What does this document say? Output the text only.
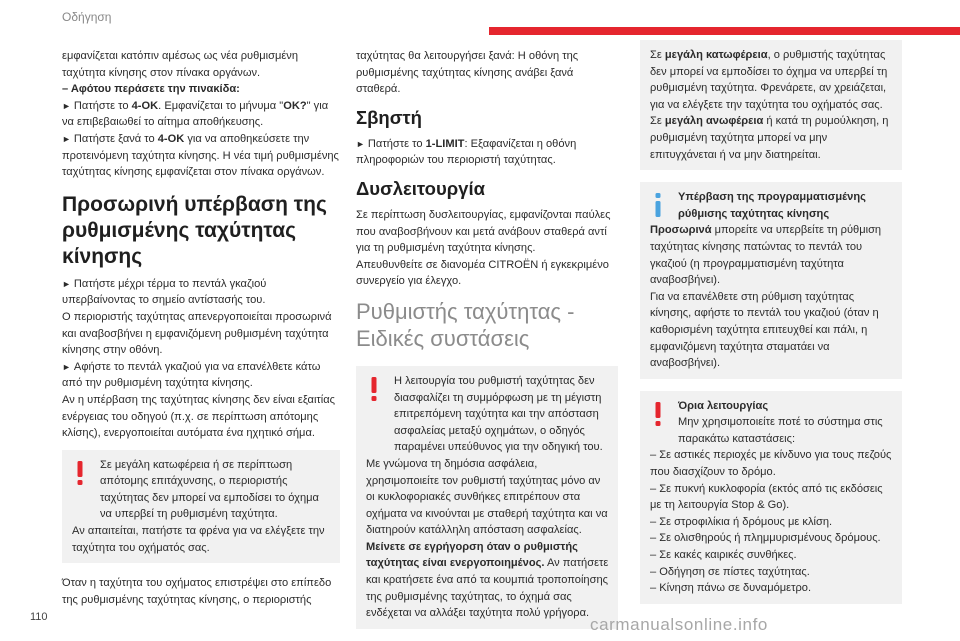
Οδήγηση

εμφανίζεται κατόπιν αμέσως ως νέα ρυθμισμένη ταχύτητα κίνησης στον πίνακα οργάνων.

– Αφότου περάσετε την πινακίδα:

► Πατήστε το 4-OK. Εμφανίζεται το μήνυμα "OK?" για να επιβεβαιωθεί το αίτημα αποθήκευσης.

► Πατήστε ξανά το 4-OK για να αποθηκεύσετε την προτεινόμενη ταχύτητα κίνησης. Η νέα τιμή ρυθμισμένης ταχύτητας κίνησης εμφανίζεται στον πίνακα οργάνων.

Προσωρινή υπέρβαση της ρυθμισμένης ταχύτητας κίνησης

► Πατήστε μέχρι τέρμα το πεντάλ γκαζιού υπερβαίνοντας το σημείο αντίστασής του.

Ο περιοριστής ταχύτητας απενεργοποιείται προσωρινά και αναβοσβήνει η εμφανιζόμενη ρυθμισμένη ταχύτητα κίνησης στην οθόνη.

► Αφήστε το πεντάλ γκαζιού για να επανέλθετε κάτω από την ρυθμισμένη ταχύτητα κίνησης.

Αν η υπέρβαση της ταχύτητας κίνησης δεν είναι εξαιτίας ενέργειας του οδηγού (π.χ. σε περίπτωση απότομης κλίσης), ενεργοποιείται αυτόματα ένα ηχητικό σήμα.

Σε μεγάλη κατωφέρεια ή σε περίπτωση απότομης επιτάχυνσης, ο περιοριστής ταχύτητας δεν μπορεί να εμποδίσει το όχημα να υπερβεί τη ρυθμισμένη ταχύτητα.

Αν απαιτείται, πατήστε τα φρένα για να ελέγξετε την ταχύτητα του οχήματός σας.

Όταν η ταχύτητα του οχήματος επιστρέψει στο επίπεδο της ρυθμισμένης ταχύτητας κίνησης, ο περιοριστής

ταχύτητας θα λειτουργήσει ξανά: Η οθόνη της ρυθμισμένης ταχύτητας κίνησης ανάβει ξανά σταθερά.

Σβηστή

► Πατήστε το 1-LIMIT: Εξαφανίζεται η οθόνη πληροφοριών του περιοριστή ταχύτητας.

Δυσλειτουργία

Σε περίπτωση δυσλειτουργίας, εμφανίζονται παύλες που αναβοσβήνουν και μετά ανάβουν σταθερά αντί για τη ρυθμισμένη ταχύτητα κίνησης.

Απευθυνθείτε σε διανομέα CITROËN ή εγκεκριμένο συνεργείο για έλεγχο.

Ρυθμιστής ταχύτητας - Ειδικές συστάσεις
Η λειτουργία του ρυθμιστή ταχύτητας δεν διασφαλίζει τη συμμόρφωση με τη μέγιστη επιτρεπόμενη ταχύτητα και την απόσταση ασφαλείας μεταξύ οχημάτων, ο οδηγός παραμένει υπεύθυνος για την οδηγική του.

Με γνώμονα τη δημόσια ασφάλεια, χρησιμοποιείτε τον ρυθμιστή ταχύτητας μόνο αν οι κυκλοφοριακές συνθήκες επιτρέπουν στα οχήματα να κινούνται με σταθερή ταχύτητα και να διατηρούν κατάλληλη απόσταση ασφαλείας.

Μείνετε σε εγρήγορση όταν ο ρυθμιστής ταχύτητας είναι ενεργοποιημένος. Αν πατήσετε και κρατήσετε ένα από τα κουμπιά τροποποίησης της ρυθμισμένης ταχύτητας, το όχημά σας ενδέχεται να αλλάξει ταχύτητα πολύ γρήγορα.

Σε μεγάλη κατωφέρεια, ο ρυθμιστής ταχύτητας δεν μπορεί να εμποδίσει το όχημα να υπερβεί τη ρυθμισμένη ταχύτητα. Φρενάρετε, αν χρειάζεται, για να ελέγξετε την ταχύτητα του οχήματός σας.

Σε μεγάλη ανωφέρεια ή κατά τη ρυμούλκηση, η ρυθμισμένη ταχύτητα μπορεί να μην επιτυγχάνεται ή να μην διατηρείται.

Υπέρβαση της προγραμματισμένης ρύθμισης ταχύτητας κίνησης

Προσωρινά μπορείτε να υπερβείτε τη ρύθμιση ταχύτητας κίνησης πατώντας το πεντάλ του γκαζιού (η προγραμματισμένη ταχύτητα αναβοσβήνει).

Για να επανέλθετε στη ρύθμιση ταχύτητας κίνησης, αφήστε το πεντάλ του γκαζιού (όταν η καθορισμένη ταχύτητα επιτευχθεί και πάλι, η εμφανιζόμενη ταχύτητα σταματάει να αναβοσβήνει).

Όρια λειτουργίας
Μην χρησιμοποιείτε ποτέ το σύστημα στις παρακάτω καταστάσεις:

– Σε αστικές περιοχές με κίνδυνο για τους πεζούς που διασχίζουν το δρόμο.

– Σε πυκνή κυκλοφορία (εκτός από τις εκδόσεις με τη λειτουργία Stop & Go).

– Σε στροφιλίκια ή δρόμους με κλίση.

– Σε ολισθηρούς ή πλημμυρισμένους δρόμους.

– Σε κακές καιρικές συνθήκες.

– Οδήγηση σε πίστες ταχύτητας.

– Κίνηση πάνω σε δυναμόμετρο.

110	carmanualsonline.info
